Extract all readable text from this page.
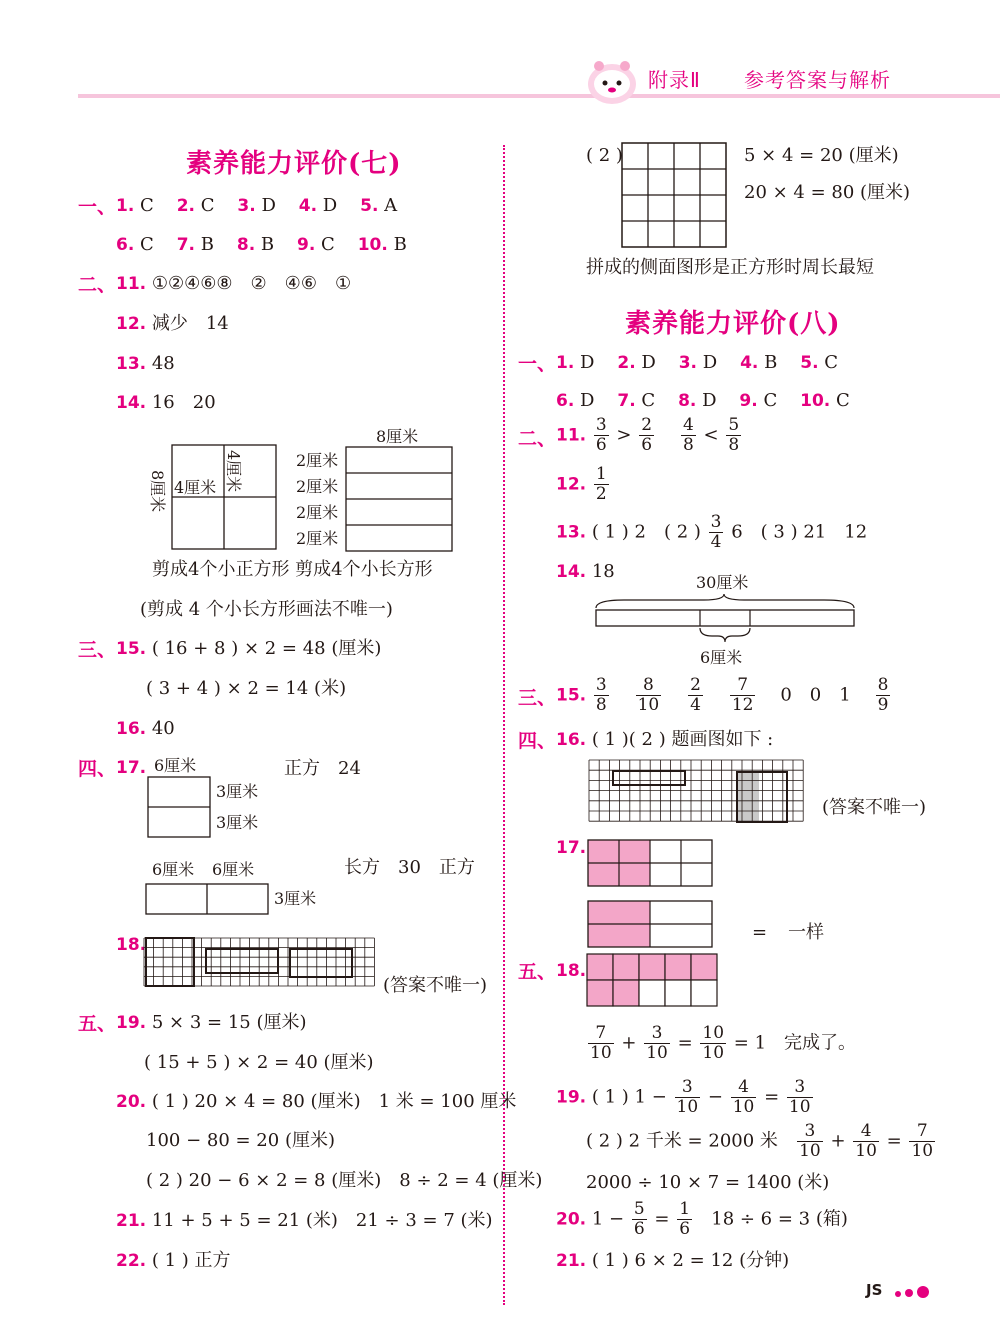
附录Ⅱ 参考答案与解析
素养能力评价(七)
一、 1. C 2. C 3. D 4. D 5. A
6. C 7. B 8. B 9. C 10. B
二、 11. ①②④⑥⑧　②　④⑥　①
12. 减少　14
13. 48
14. 16　20
8厘米 4厘米 4厘米
8厘米
2厘米
2厘米
2厘米
2厘米
剪成4个小正方形 剪成4个小长方形
(剪成 4 个小长方形画法不唯一)
三、 15. ( 16 + 8 ) × 2 = 48 (厘米)
( 3 + 4 ) × 2 = 14 (米)
16. 40
四、 17. 6厘米
3厘米
3厘米
正方　24
6厘米 6厘米
3厘米
长方　30　正方
18.
(答案不唯一)
五、 19. 5 × 3 = 15 (厘米)
( 15 + 5 ) × 2 = 40 (厘米)
20. ( 1 ) 20 × 4 = 80 (厘米)　1 米 = 100 厘米
100 − 80 = 20 (厘米)
( 2 ) 20 − 6 × 2 = 8 (厘米)　8 ÷ 2 = 4 (厘米)
21. 11 + 5 + 5 = 21 (米)　21 ÷ 3 = 7 (米)
22. ( 1 ) 正方
( 2 )	5 × 4 = 20 (厘米)
20 × 4 = 80 (厘米)
拼成的侧面图形是正方形时周长最短
素养能力评价(八)
一、 1. D 2. D 3. D 4. B 5. C
6. D 7. C 8. D 9. C 10. C
二、 11. $\frac{3}{6} > \frac{2}{6}$
$\frac{4}{8} < \frac{5}{8}$
12. $\frac{1}{2}$
13. ( 1 ) 2　( 2 ) $\frac{3}{4} 6$　( 3 ) 21　12
14. 18
30厘米
6厘米
三、 15. $\frac{3}{8}$
$\frac{8}{10}$
$\frac{2}{4}$
$\frac{7}{12} 0$　0　$1 \frac{8}{9}$
四、 16. ( 1 )( 2 ) 题画图如下 :
(答案不唯一)
17.
= 一样
五、 18.
$\frac{7}{10} + \frac{3}{10} = \frac{10}{10} = 1$　完成了。
19. ( 1 ) $1 - \frac{3}{10} - \frac{4}{10} = \frac{3}{10}$
( 2 ) 2 千米 = 2000 米 $\frac{3}{10} + \frac{4}{10} = \frac{7}{10}$
2000 ÷ 10 × 7 = 1400 (米)
20. $1 - \frac{5}{6} = \frac{1}{6} 18 \div 6 = 3$ (箱)
21. ( 1 ) 6 × 2 = 12 (分钟)
JS
